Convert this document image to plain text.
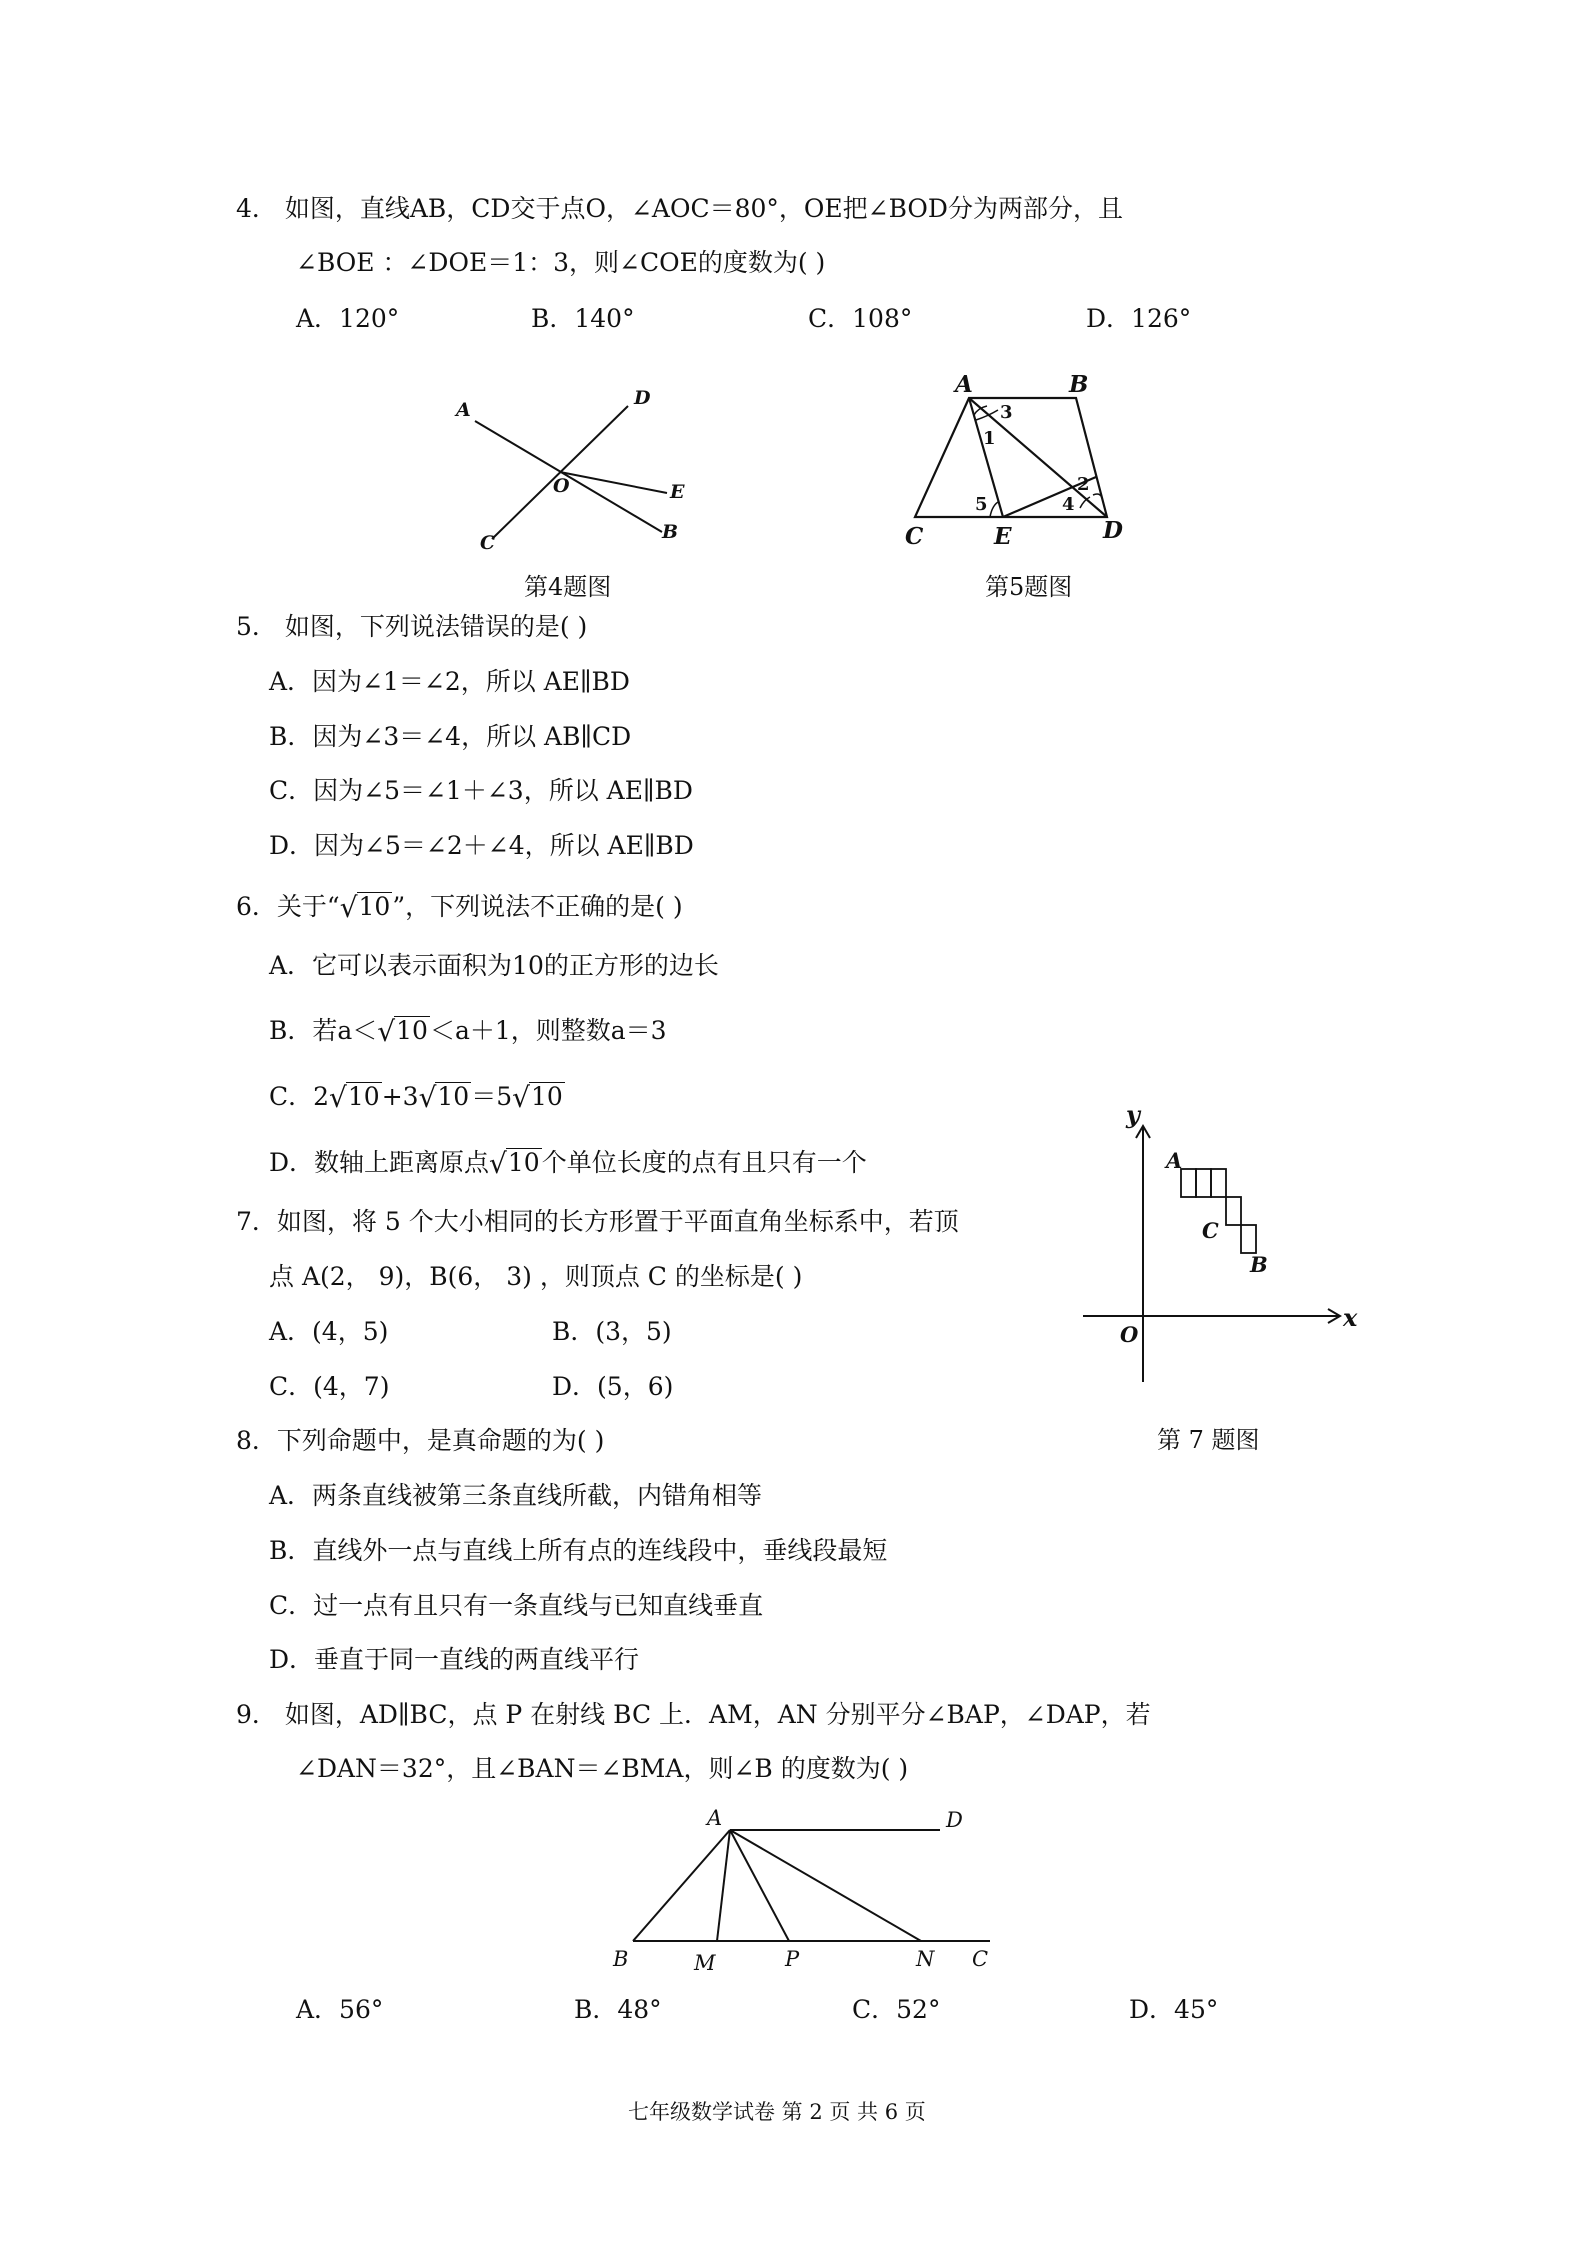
4． 如图，直线AB，CD交于点O，∠AOC＝80°，OE把∠BOD分为两部分，且
∠BOE ：∠DOE＝1：3，则∠COE的度数为( )
A．120°	B．140°	C．108°	D．126°
A
D
O	E
B
C
第4题图
A	B
C	E	D
3
1
2
4
5
第5题图
5． 如图，下列说法错误的是( )
A．因为∠1＝∠2，所以 AE∥BD
B．因为∠3＝∠4，所以 AB∥CD
C．因为∠5＝∠1＋∠3，所以 AE∥BD
D．因为∠5＝∠2＋∠4，所以 AE∥BD
6．关于“√10”，下列说法不正确的是( )
A．它可以表示面积为10的正方形的边长
B．若a＜√10＜a＋1，则整数a＝3
C．2√10+3√10＝5√10
D．数轴上距离原点√10个单位长度的点有且只有一个
7．如图，将 5 个大小相同的长方形置于平面直角坐标系中，若顶
点 A(2， 9)，B(6， 3) ，则顶点 C 的坐标是( )
A．(4，5)	B．(3，5)
C．(4，7)	D．(5，6)
x
y
O
A
C
B
第 7 题图
8．下列命题中，是真命题的为( )
A．两条直线被第三条直线所截，内错角相等
B．直线外一点与直线上所有点的连线段中，垂线段最短
C．过一点有且只有一条直线与已知直线垂直
D．垂直于同一直线的两直线平行
9． 如图，AD∥BC，点 P 在射线 BC 上．AM，AN 分别平分∠BAP，∠DAP，若
∠DAN＝32°，且∠BAN＝∠BMA，则∠B 的度数为( )
A	D
B	M	P	N C
A．56°	B．48°	C．52°	D．45°
七年级数学试卷 第 2 页 共 6 页
